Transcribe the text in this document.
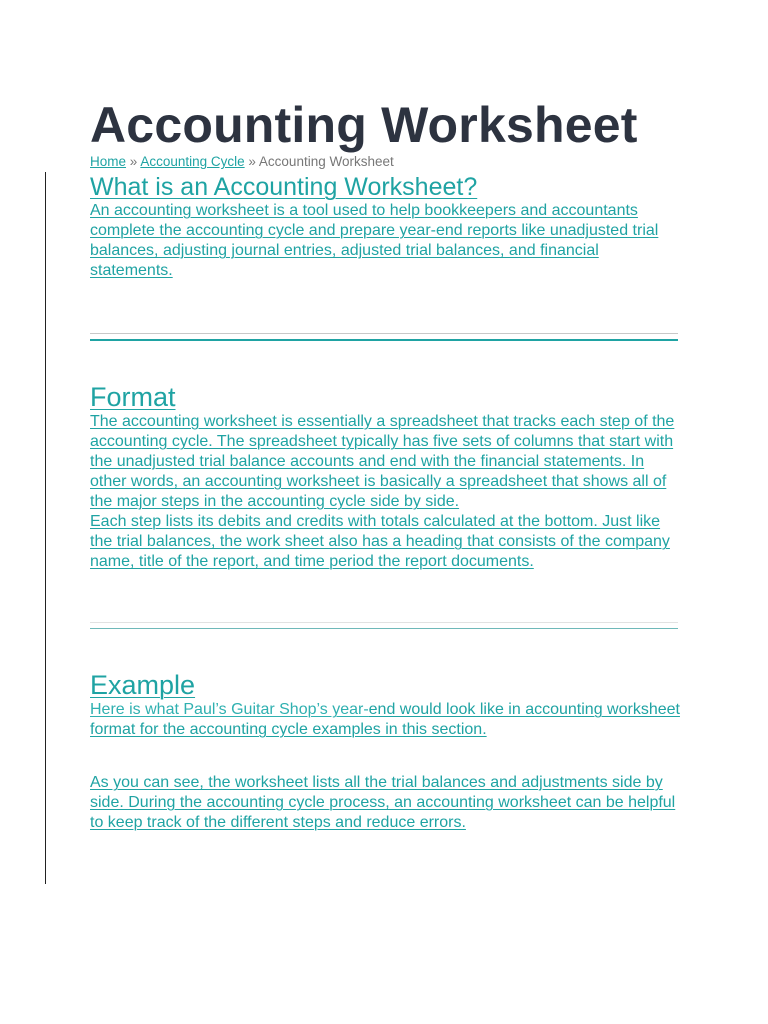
Accounting Worksheet
Home » Accounting Cycle » Accounting Worksheet
What is an Accounting Worksheet?

An accounting worksheet is a tool used to help bookkeepers and accountants complete the accounting cycle and prepare year-end reports like unadjusted trial balances, adjusting journal entries, adjusted trial balances, and financial statements.

Format

The accounting worksheet is essentially a spreadsheet that tracks each step of the accounting cycle. The spreadsheet typically has five sets of columns that start with the unadjusted trial balance accounts and end with the financial statements. In other words, an accounting worksheet is basically a spreadsheet that shows all of the major steps in the accounting cycle side by side.

Each step lists its debits and credits with totals calculated at the bottom. Just like the trial balances, the work sheet also has a heading that consists of the company name, title of the report, and time period the report documents.

Example

Here is what Paul’s Guitar Shop’s year-end would look like in accounting worksheet format for the accounting cycle examples in this section.

As you can see, the worksheet lists all the trial balances and adjustments side by side. During the accounting cycle process, an accounting worksheet can be helpful to keep track of the different steps and reduce errors.
